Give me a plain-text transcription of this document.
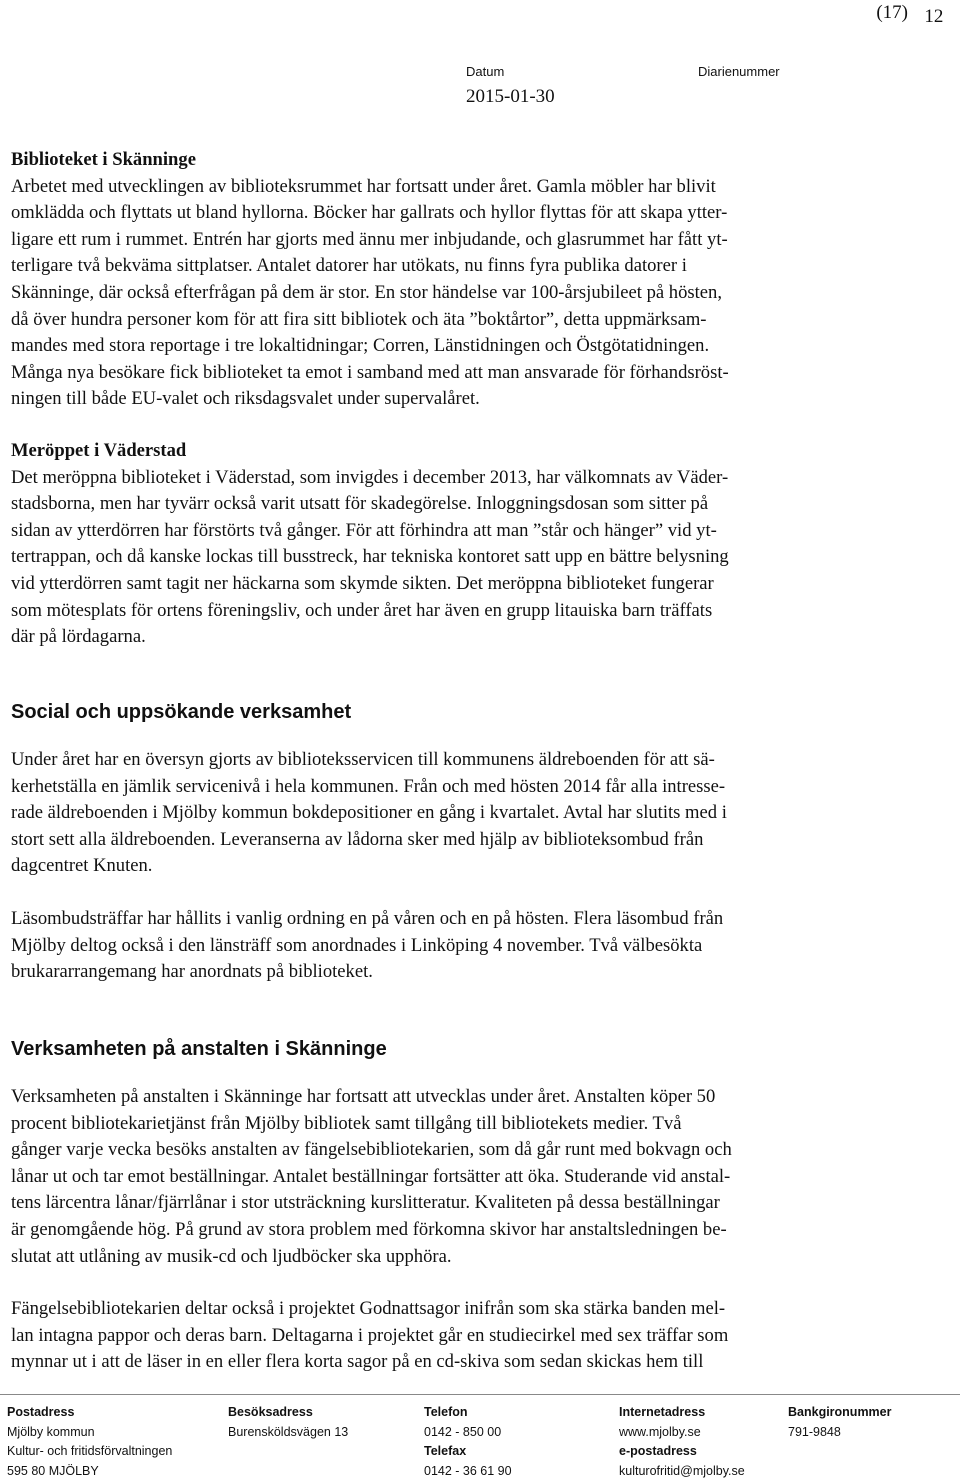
(17) 12
Datum
2015-01-30
Diarienummer

Biblioteket i Skänninge

Arbetet med utvecklingen av biblioteksrummet har fortsatt under året. Gamla möbler har blivit

omklädda och flyttats ut bland hyllorna. Böcker har gallrats och hyllor flyttas för att skapa ytter-

ligare ett rum i rummet. Entrén har gjorts med ännu mer inbjudande, och glasrummet har fått yt-

terligare två bekväma sittplatser. Antalet datorer har utökats, nu finns fyra publika datorer i

Skänninge, där också efterfrågan på dem är stor. En stor händelse var 100-årsjubileet på hösten,

då över hundra personer kom för att fira sitt bibliotek och äta ”boktårtor”, detta uppmärksam-

mandes med stora reportage i tre lokaltidningar; Corren, Länstidningen och Östgötatidningen.

Många nya besökare fick biblioteket ta emot i samband med att man ansvarade för förhandsröst-

ningen till både EU-valet och riksdagsvalet under supervalåret.

Meröppet i Väderstad

Det meröppna biblioteket i Väderstad, som invigdes i december 2013, har välkomnats av Väder-

stadsborna, men har tyvärr också varit utsatt för skadegörelse. Inloggningsdosan som sitter på

sidan av ytterdörren har förstörts två gånger. För att förhindra att man ”står och hänger” vid yt-

tertrappan, och då kanske lockas till busstreck, har tekniska kontoret satt upp en bättre belysning

vid ytterdörren samt tagit ner häckarna som skymde sikten. Det meröppna biblioteket fungerar

som mötesplats för ortens föreningsliv, och under året har även en grupp litauiska barn träffats

där på lördagarna.

Social och uppsökande verksamhet

Under året har en översyn gjorts av biblioteksservicen till kommunens äldreboenden för att sä-

kerhetställa en jämlik servicenivå i hela kommunen. Från och med hösten 2014 får alla intresse-

rade äldreboenden i Mjölby kommun bokdepositioner en gång i kvartalet. Avtal har slutits med i

stort sett alla äldreboenden. Leveranserna av lådorna sker med hjälp av biblioteksombud från

dagcentret Knuten.

Läsombudsträffar har hållits i vanlig ordning en på våren och en på hösten. Flera läsombud från

Mjölby deltog också i den länsträff som anordnades i Linköping 4 november. Två välbesökta

brukararrangemang har anordnats på biblioteket.

Verksamheten på anstalten i Skänninge

Verksamheten på anstalten i Skänninge har fortsatt att utvecklas under året. Anstalten köper 50

procent bibliotekarietjänst från Mjölby bibliotek samt tillgång till bibliotekets medier. Två

gånger varje vecka besöks anstalten av fängelsebibliotekarien, som då går runt med bokvagn och

lånar ut och tar emot beställningar. Antalet beställningar fortsätter att öka. Studerande vid anstal-

tens lärcentra lånar/fjärrlånar i stor utsträckning kurslitteratur. Kvaliteten på dessa beställningar

är genomgående hög. På grund av stora problem med förkomna skivor har anstaltsledningen be-

slutat att utlåning av musik-cd och ljudböcker ska upphöra.

Fängelsebibliotekarien deltar också i projektet Godnattsagor inifrån som ska stärka banden mel-

lan intagna pappor och deras barn. Deltagarna i projektet går en studiecirkel med sex träffar som

mynnar ut i att de läser in en eller flera korta sagor på en cd-skiva som sedan skickas hem till

Postadress
Mjölby kommun
Kultur- och fritidsförvaltningen
595 80 MJÖLBY
Besöksadress
Burensköldsvägen 13
Telefon
0142 - 850 00
Telefax
0142 - 36 61 90
Internetadress
www.mjolby.se
e-postadress
kulturofritid@mjolby.se
Bankgironummer
791-9848
